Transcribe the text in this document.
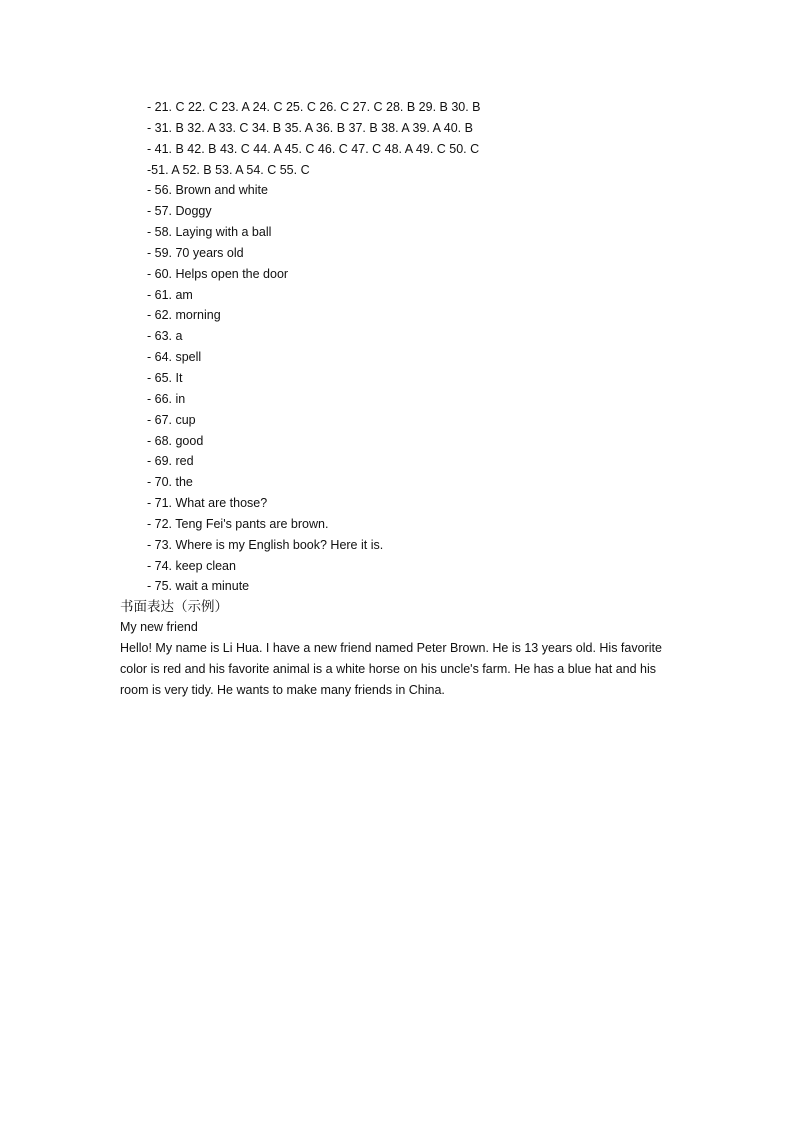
- 21. C 22. C 23. A 24. C 25. C 26. C 27. C 28. B 29. B 30. B
- 31. B 32. A 33. C 34. B 35. A 36. B 37. B 38. A 39. A 40. B
- 41. B 42. B 43. C 44. A 45. C 46. C 47. C 48. A 49. C 50. C
-51. A 52. B 53. A 54. C 55. C
- 56. Brown and white
- 57. Doggy
- 58. Laying with a ball
- 59. 70 years old
- 60. Helps open the door
- 61. am
- 62. morning
- 63. a
- 64. spell
- 65. It
- 66. in
- 67. cup
- 68. good
- 69. red
- 70. the
- 71. What are those?
- 72. Teng Fei's pants are brown.
- 73. Where is my English book? Here it is.
- 74. keep clean
- 75. wait a minute
书面表达（示例）
My new friend

Hello! My name is Li Hua. I have a new friend named Peter Brown. He is 13 years old. His favorite color is red and his favorite animal is a white horse on his uncle's farm. He has a blue hat and his room is very tidy. He wants to make many friends in China.
